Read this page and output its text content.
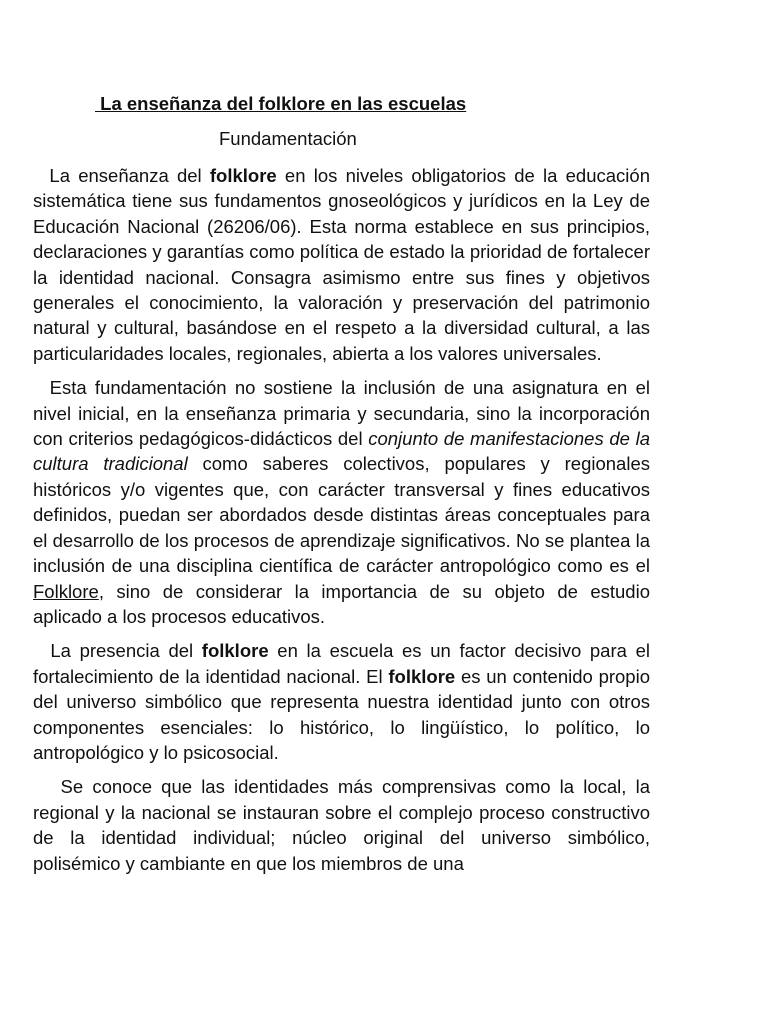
La enseñanza del folklore en las escuelas
Fundamentación

La enseñanza del folklore en los niveles obligatorios de la educación sistemática tiene sus fundamentos gnoseológicos y jurídicos en la Ley de Educación Nacional (26206/06). Esta norma establece en sus principios, declaraciones y garantías como política de estado la prioridad de fortalecer la identidad nacional. Consagra asimismo entre sus fines y objetivos generales el conocimiento, la valoración y preservación del patrimonio natural y cultural, basándose en el respeto a la diversidad cultural, a las particularidades locales, regionales, abierta a los valores universales.

Esta fundamentación no sostiene la inclusión de una asignatura en el nivel inicial, en la enseñanza primaria y secundaria, sino la incorporación con criterios pedagógicos-didácticos del conjunto de manifestaciones de la cultura tradicional como saberes colectivos, populares y regionales históricos y/o vigentes que, con carácter transversal y fines educativos definidos, puedan ser abordados desde distintas áreas conceptuales para el desarrollo de los procesos de aprendizaje significativos. No se plantea la inclusión de una disciplina científica de carácter antropológico como es el Folklore, sino de considerar la importancia de su objeto de estudio aplicado a los procesos educativos.

La presencia del folklore en la escuela es un factor decisivo para el fortalecimiento de la identidad nacional. El folklore es un contenido propio del universo simbólico que representa nuestra identidad junto con otros componentes esenciales: lo histórico, lo lingüístico, lo político, lo antropológico y lo psicosocial.

Se conoce que las identidades más comprensivas como la local, la regional y la nacional se instauran sobre el complejo proceso constructivo de la identidad individual; núcleo original del universo simbólico, polisémico y cambiante en que los miembros de una
